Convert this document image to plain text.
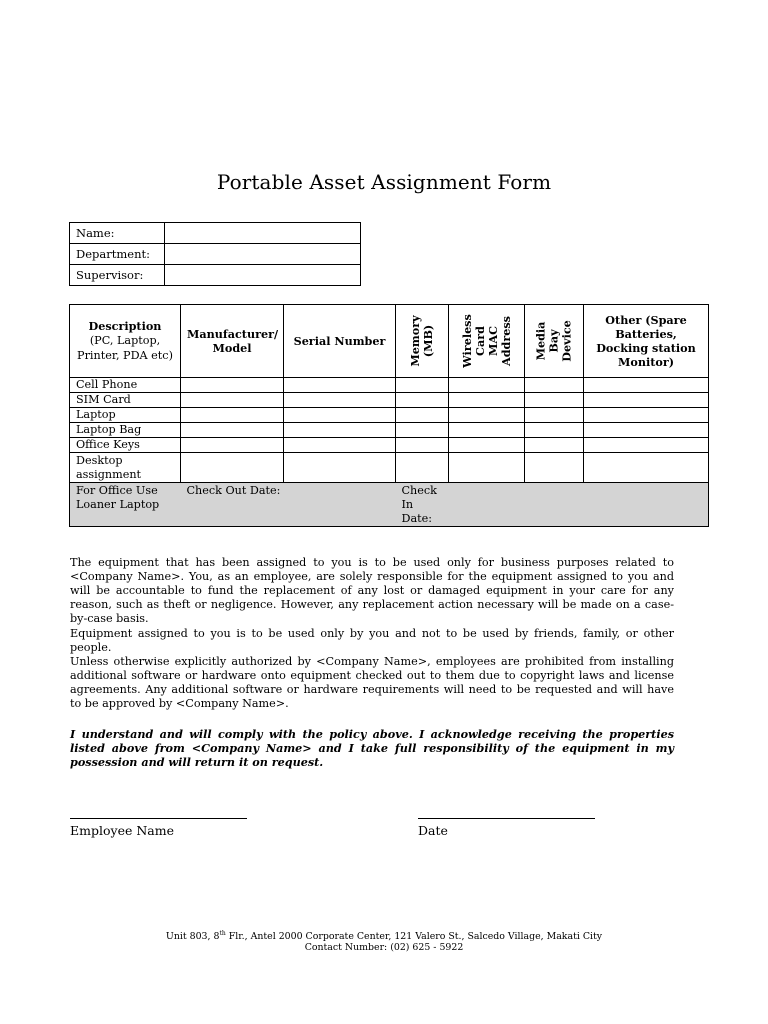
Portable Asset Assignment Form
Name:	
Department:	
Supervisor:	
Description (PC, Laptop, Printer, PDA etc)	Manufacturer/ Model	Serial Number	Memory (MB)	Wireless Card MAC Address	Media Bay Device	Other (Spare Batteries, Docking station Monitor)
Cell Phone						
SIM Card						
Laptop						
Laptop Bag						
Office Keys						
Desktop assignment						
For Office Use Loaner Laptop	Check Out Date:		Check In Date:			
The equipment that has been assigned to you is to be used only for business purposes related to <Company Name>. You, as an employee, are solely responsible for the equipment assigned to you and will be accountable to fund the replacement of any lost or damaged equipment in your care for any reason, such as theft or negligence. However, any replacement action necessary will be made on a case-by-case basis.
Equipment assigned to you is to be used only by you and not to be used by friends, family, or other people.
Unless otherwise explicitly authorized by <Company Name>, employees are prohibited from installing additional software or hardware onto equipment checked out to them due to copyright laws and license agreements. Any additional software or hardware requirements will need to be requested and will have to be approved by <Company Name>.
I understand and will comply with the policy above. I acknowledge receiving the properties listed above from <Company Name> and I take full responsibility of the equipment in my possession and will return it on request.
Employee Name	Date
Unit 803, 8th Flr., Antel 2000 Corporate Center, 121 Valero St., Salcedo Village, Makati City
Contact Number: (02) 625 - 5922
